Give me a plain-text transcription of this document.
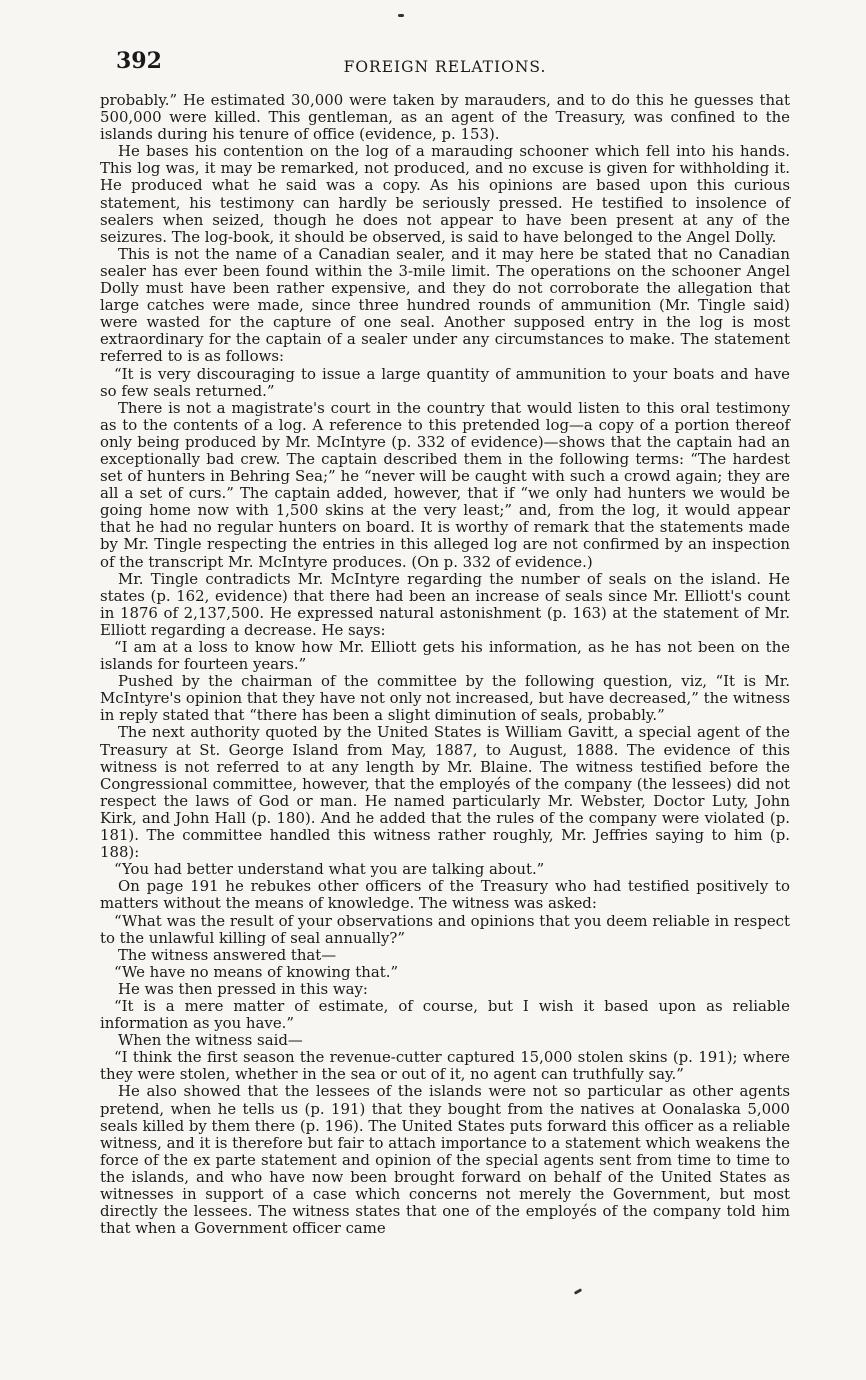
392	FOREIGN RELATIONS.

probably.” He estimated 30,000 were taken by marauders, and to do this he guesses that 500,000 were killed. This gentleman, as an agent of the Treasury, was confined to the islands during his tenure of office (evidence, p. 153).

He bases his contention on the log of a marauding schooner which fell into his hands. This log was, it may be remarked, not produced, and no excuse is given for withholding it. He produced what he said was a copy. As his opinions are based upon this curious statement, his testimony can hardly be seriously pressed. He testified to insolence of sealers when seized, though he does not appear to have been present at any of the seizures. The log-book, it should be observed, is said to have belonged to the Angel Dolly.

This is not the name of a Canadian sealer, and it may here be stated that no Canadian sealer has ever been found within the 3-mile limit. The operations on the schooner Angel Dolly must have been rather expensive, and they do not corroborate the allegation that large catches were made, since three hundred rounds of ammunition (Mr. Tingle said) were wasted for the capture of one seal. Another supposed entry in the log is most extraordinary for the captain of a sealer under any circumstances to make. The statement referred to is as follows:

“It is very discouraging to issue a large quantity of ammunition to your boats and have so few seals returned.”

There is not a magistrate's court in the country that would listen to this oral testimony as to the contents of a log. A reference to this pretended log—a copy of a portion thereof only being produced by Mr. McIntyre (p. 332 of evidence)—shows that the captain had an exceptionally bad crew. The captain described them in the following terms: “The hardest set of hunters in Behring Sea;” he “never will be caught with such a crowd again; they are all a set of curs.” The captain added, however, that if “we only had hunters we would be going home now with 1,500 skins at the very least;” and, from the log, it would appear that he had no regular hunters on board. It is worthy of remark that the statements made by Mr. Tingle respecting the entries in this alleged log are not confirmed by an inspection of the transcript Mr. McIntyre produces. (On p. 332 of evidence.)

Mr. Tingle contradicts Mr. McIntyre regarding the number of seals on the island. He states (p. 162, evidence) that there had been an increase of seals since Mr. Elliott's count in 1876 of 2,137,500. He expressed natural astonishment (p. 163) at the statement of Mr. Elliott regarding a decrease. He says:

“I am at a loss to know how Mr. Elliott gets his information, as he has not been on the islands for fourteen years.”

Pushed by the chairman of the committee by the following question, viz, “It is Mr. McIntyre's opinion that they have not only not increased, but have decreased,” the witness in reply stated that “there has been a slight diminution of seals, probably.”

The next authority quoted by the United States is William Gavitt, a special agent of the Treasury at St. George Island from May, 1887, to August, 1888. The evidence of this witness is not referred to at any length by Mr. Blaine. The witness testified before the Congressional committee, however, that the employés of the company (the lessees) did not respect the laws of God or man. He named particularly Mr. Webster, Doctor Luty, John Kirk, and John Hall (p. 180). And he added that the rules of the company were violated (p. 181). The committee handled this witness rather roughly, Mr. Jeffries saying to him (p. 188):

“You had better understand what you are talking about.”

On page 191 he rebukes other officers of the Treasury who had testified positively to matters without the means of knowledge. The witness was asked:

“What was the result of your observations and opinions that you deem reliable in respect to the unlawful killing of seal annually?”

The witness answered that—

“We have no means of knowing that.”

He was then pressed in this way:

“It is a mere matter of estimate, of course, but I wish it based upon as reliable information as you have.”

When the witness said—

“I think the first season the revenue-cutter captured 15,000 stolen skins (p. 191); where they were stolen, whether in the sea or out of it, no agent can truthfully say.”

He also showed that the lessees of the islands were not so particular as other agents pretend, when he tells us (p. 191) that they bought from the natives at Oonalaska 5,000 seals killed by them there (p. 196). The United States puts forward this officer as a reliable witness, and it is therefore but fair to attach importance to a statement which weakens the force of the ex parte statement and opinion of the special agents sent from time to time to the islands, and who have now been brought forward on behalf of the United States as witnesses in support of a case which concerns not merely the Government, but most directly the lessees. The witness states that one of the employés of the company told him that when a Government officer came
